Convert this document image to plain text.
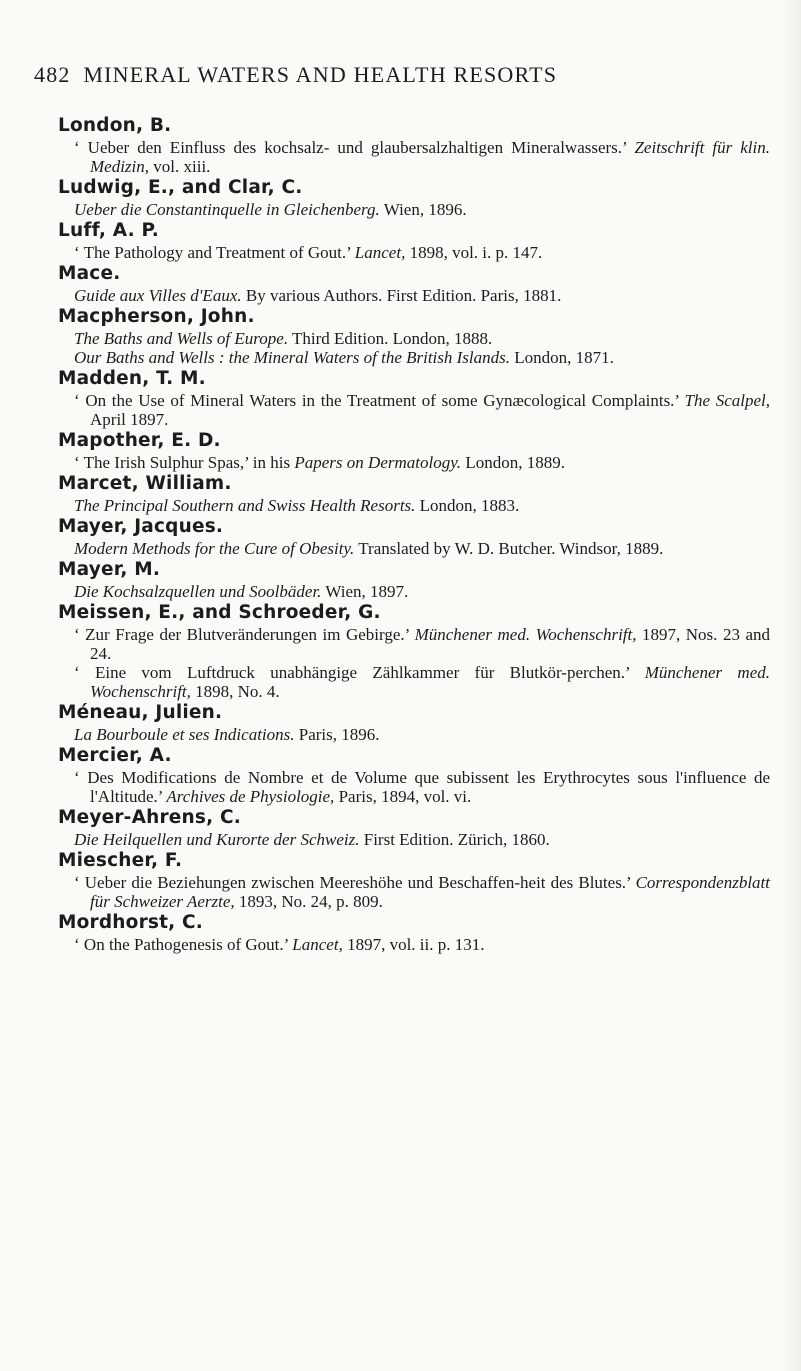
482 MINERAL WATERS AND HEALTH RESORTS
London, B.
‘ Ueber den Einfluss des kochsalz- und glaubersalzhaltigen Mineralwassers.’ Zeitschrift für klin. Medizin, vol. xiii.
Ludwig, E., and Clar, C.
Ueber die Constantinquelle in Gleichenberg. Wien, 1896.
Luff, A. P.
‘ The Pathology and Treatment of Gout.’ Lancet, 1898, vol. i. p. 147.
Mace.
Guide aux Villes d'Eaux. By various Authors. First Edition. Paris, 1881.
Macpherson, John.
The Baths and Wells of Europe. Third Edition. London, 1888.
Our Baths and Wells : the Mineral Waters of the British Islands. London, 1871.
Madden, T. M.
‘ On the Use of Mineral Waters in the Treatment of some Gynæcological Complaints.’ The Scalpel, April 1897.
Mapother, E. D.
‘ The Irish Sulphur Spas,’ in his Papers on Dermatology. London, 1889.
Marcet, William.
The Principal Southern and Swiss Health Resorts. London, 1883.
Mayer, Jacques.
Modern Methods for the Cure of Obesity. Translated by W. D. Butcher. Windsor, 1889.
Mayer, M.
Die Kochsalzquellen und Soolbäder. Wien, 1897.
Meissen, E., and Schroeder, G.
‘ Zur Frage der Blutveränderungen im Gebirge.’ Münchener med. Wochenschrift, 1897, Nos. 23 and 24.
‘ Eine vom Luftdruck unabhängige Zählkammer für Blutkör-perchen.’ Münchener med. Wochenschrift, 1898, No. 4.
Méneau, Julien.
La Bourboule et ses Indications. Paris, 1896.
Mercier, A.
‘ Des Modifications de Nombre et de Volume que subissent les Erythrocytes sous l'influence de l'Altitude.’ Archives de Physiologie, Paris, 1894, vol. vi.
Meyer-Ahrens, C.
Die Heilquellen und Kurorte der Schweiz. First Edition. Zürich, 1860.
Miescher, F.
‘ Ueber die Beziehungen zwischen Meereshöhe und Beschaffen-heit des Blutes.’ Correspondenzblatt für Schweizer Aerzte, 1893, No. 24, p. 809.
Mordhorst, C.
‘ On the Pathogenesis of Gout.’ Lancet, 1897, vol. ii. p. 131.
